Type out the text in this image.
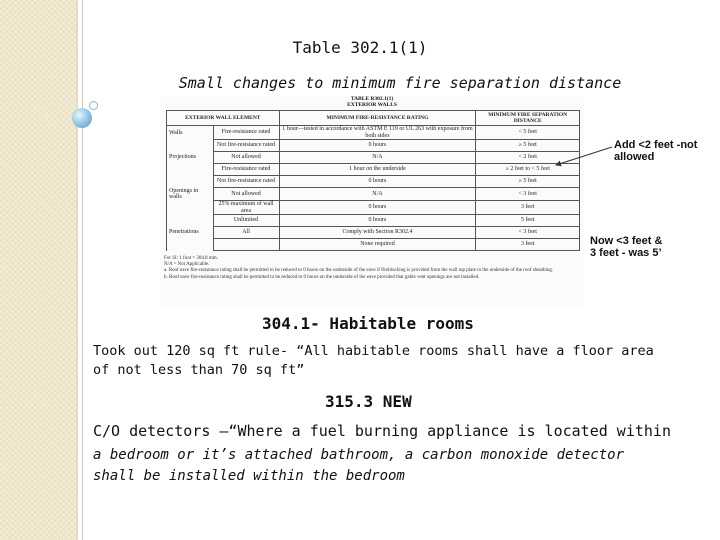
Table 302.1(1)
Small changes to minimum fire separation distance
TABLE R302.1(1)
EXTERIOR WALLS
EXTERIOR WALL ELEMENT		MINIMUM FIRE-RESISTANCE RATING	MINIMUM FIRE SEPARATION DISTANCE
Walls	Fire-resistance rated	1 hour—tested in accordance with ASTM E 119 or UL 263 with exposure from both sides	< 5 feet
	Not fire-resistance rated	0 hours	≥ 5 feet
Projections	Not allowed	N/A	< 2 feet
	Fire-resistance rated	1 hour on the underside	≥ 2 feet to < 5 feet
	Not fire-resistance rated	0 hours	≥ 5 feet
Openings in walls	Not allowed	N/A	< 3 feet
	25% maximum of wall area	0 hours	3 feet
	Unlimited	0 hours	5 feet
Penetrations	All	Comply with Section R302.4	< 3 feet
		None required	3 feet
For SI: 1 foot = 304.8 mm.
N/A = Not Applicable.
a. Roof eave fire-resistance rating shall be permitted to be reduced to 0 hours on the underside of the eave if fireblocking is provided from the wall top plate to the underside of the roof sheathing.
b. Roof eave fire-resistance rating shall be permitted to be reduced to 0 hours on the underside of the eave provided that gable vent openings are not installed.
Add <2 feet -not
allowed
Now <3 feet &
3 feet - was 5’
304.1- Habitable rooms
Took out 120 sq ft rule- “All habitable rooms shall have a floor area
of not less than 70 sq ft”
315.3 NEW
C/O detectors –“Where a fuel burning appliance is located within
a bedroom or it’s attached bathroom, a carbon monoxide detector
shall be installed within the bedroom
